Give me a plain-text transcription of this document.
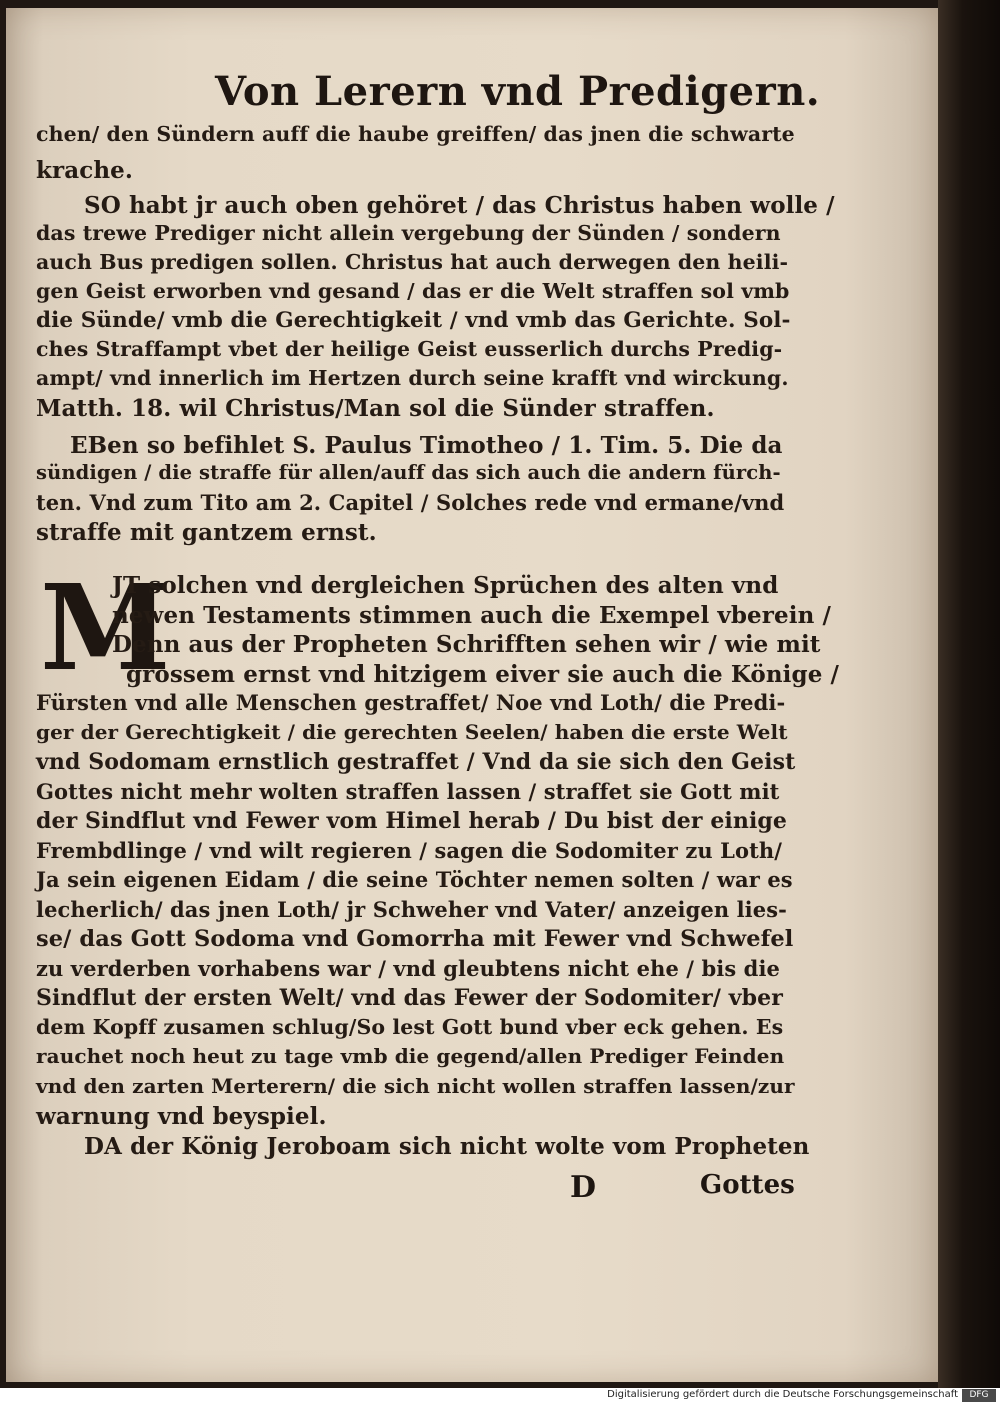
Von Lerern vnd Predigern.
chen/ den Sündern auff die haube greiffen/ das jnen die schwarte
krache.
SO habt jr auch oben gehöret / das Christus haben wolle /
das trewe Prediger nicht allein vergebung der Sünden / sondern
auch Bus predigen sollen. Christus hat auch derwegen den heili-
gen Geist erworben vnd gesand / das er die Welt straffen sol vmb
die Sünde/ vmb die Gerechtigkeit / vnd vmb das Gerichte. Sol-
ches Straffampt vbet der heilige Geist eusserlich durchs Predig-
ampt/ vnd innerlich im Hertzen durch seine krafft vnd wirckung.
Matth. 18. wil Christus/Man sol die Sünder straffen.
EBen so befihlet S. Paulus Timotheo / 1. Tim. 5. Die da
sündigen / die straffe für allen/auff das sich auch die andern fürch-
ten. Vnd zum Tito am 2. Capitel / Solches rede vnd ermane/vnd
straffe mit gantzem ernst.
M
JT solchen vnd dergleichen Sprüchen des alten vnd
newen Testaments stimmen auch die Exempel vberein /
Denn aus der Propheten Schrifften sehen wir / wie mit
grossem ernst vnd hitzigem eiver sie auch die Könige /
Fürsten vnd alle Menschen gestraffet/ Noe vnd Loth/ die Predi-
ger der Gerechtigkeit / die gerechten Seelen/ haben die erste Welt
vnd Sodomam ernstlich gestraffet / Vnd da sie sich den Geist
Gottes nicht mehr wolten straffen lassen / straffet sie Gott mit
der Sindflut vnd Fewer vom Himel herab / Du bist der einige
Frembdlinge / vnd wilt regieren / sagen die Sodomiter zu Loth/
Ja sein eigenen Eidam / die seine Töchter nemen solten / war es
lecherlich/ das jnen Loth/ jr Schweher vnd Vater/ anzeigen lies-
se/ das Gott Sodoma vnd Gomorrha mit Fewer vnd Schwefel
zu verderben vorhabens war / vnd gleubtens nicht ehe / bis die
Sindflut der ersten Welt/ vnd das Fewer der Sodomiter/ vber
dem Kopff zusamen schlug/So lest Gott bund vber eck gehen. Es
rauchet noch heut zu tage vmb die gegend/allen Prediger Feinden
vnd den zarten Merterern/ die sich nicht wollen straffen lassen/zur
warnung vnd beyspiel.
DA der König Jeroboam sich nicht wolte vom Propheten
D	Gottes
Digitalisierung gefördert durch die Deutsche Forschungsgemeinschaft	DFG
